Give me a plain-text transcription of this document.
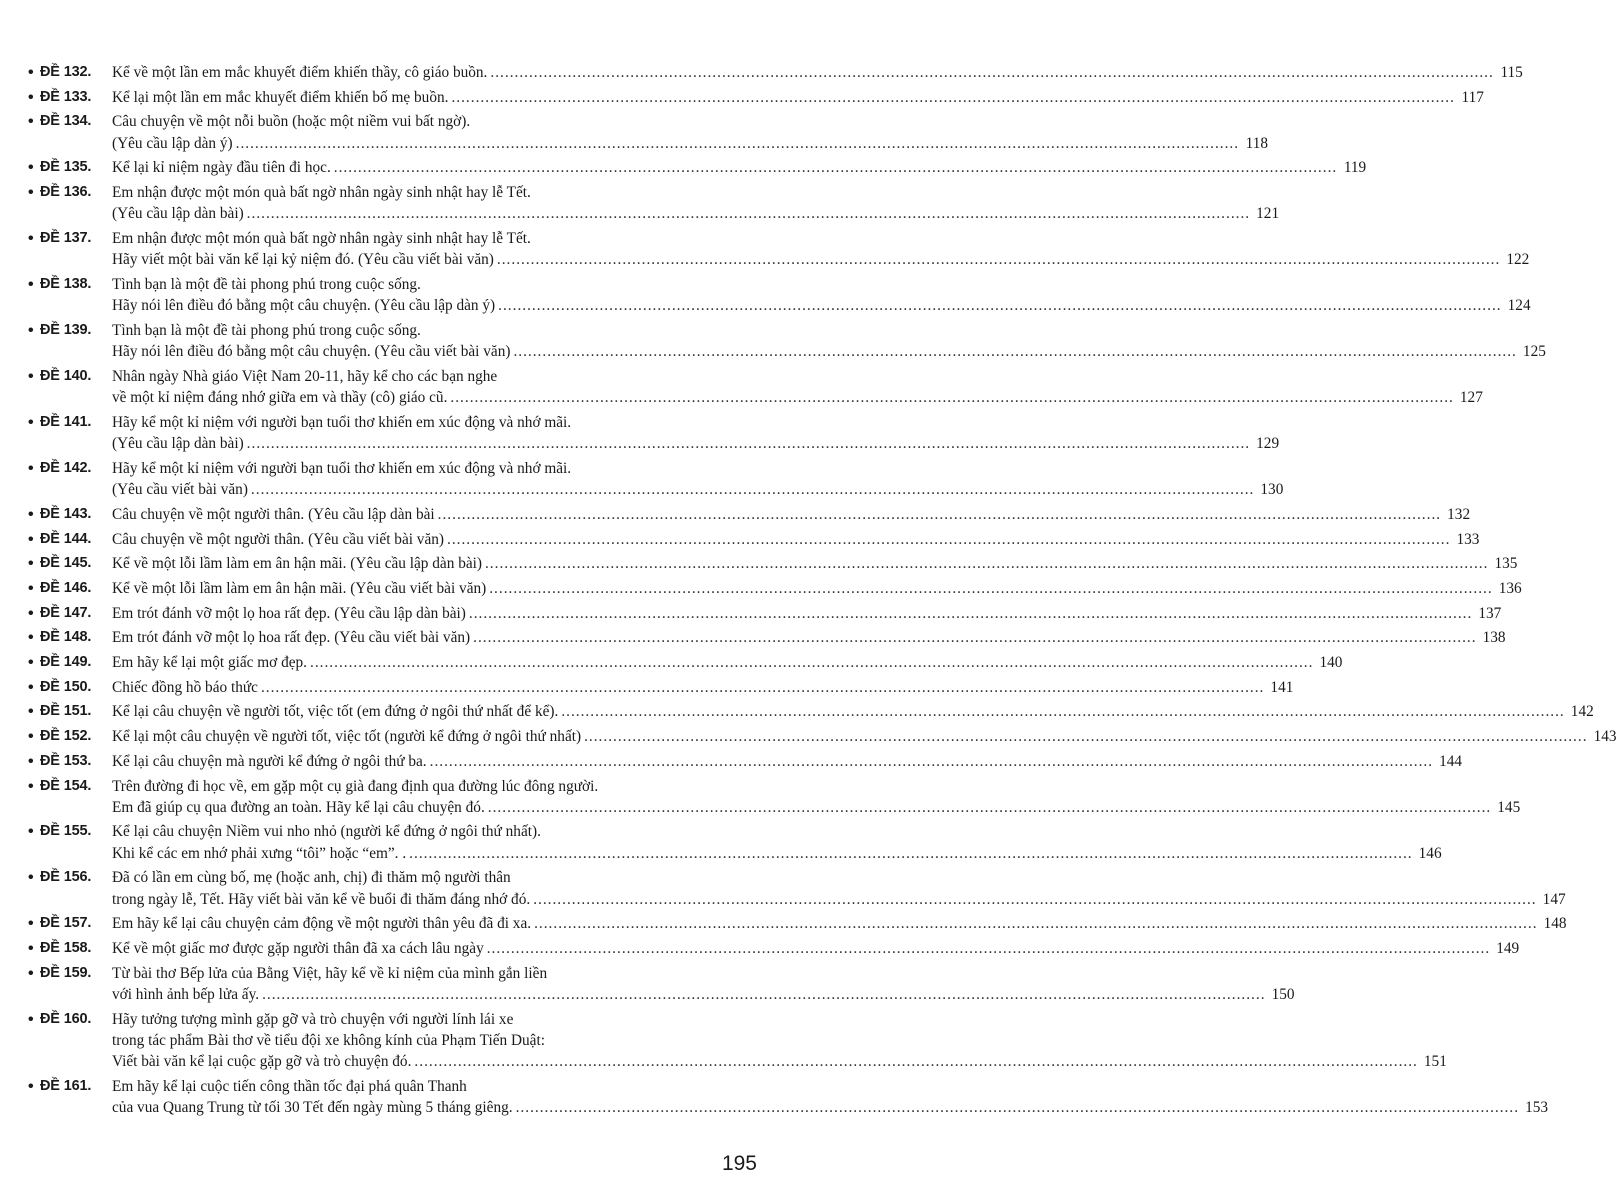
• ĐỀ 132. Kể về một lần em mắc khuyết điểm khiến thầy, cô giáo buồn. .....	115
• ĐỀ 133. Kể lại một lần em mắc khuyết điểm khiến bố mẹ buồn. .....	117
• ĐỀ 134. Câu chuyện về một nỗi buồn (hoặc một niềm vui bất ngờ).
(Yêu cầu lập dàn ý) .....	118
• ĐỀ 135. Kể lại kỉ niệm ngày đầu tiên đi học. .....	119
• ĐỀ 136. Em nhận được một món quà bất ngờ nhân ngày sinh nhật hay lễ Tết.
(Yêu cầu lập dàn bài) .....	121
• ĐỀ 137. Em nhận được một món quà bất ngờ nhân ngày sinh nhật hay lễ Tết.
Hãy viết một bài văn kể lại kỷ niệm đó. (Yêu cầu viết bài văn) .....	122
• ĐỀ 138. Tình bạn là một đề tài phong phú trong cuộc sống.
Hãy nói lên điều đó bằng một câu chuyện. (Yêu cầu lập dàn ý) .....	124
• ĐỀ 139. Tình bạn là một đề tài phong phú trong cuộc sống.
Hãy nói lên điều đó bằng một câu chuyện. (Yêu cầu viết bài văn) .....	125
• ĐỀ 140. Nhân ngày Nhà giáo Việt Nam 20-11, hãy kể cho các bạn nghe
về một kỉ niệm đáng nhớ giữa em và thầy (cô) giáo cũ. .....	127
• ĐỀ 141. Hãy kể một kỉ niệm với người bạn tuổi thơ khiến em xúc động và nhớ mãi.
(Yêu cầu lập dàn bài) .....	129
• ĐỀ 142. Hãy kể một kỉ niệm với người bạn tuổi thơ khiến em xúc động và nhớ mãi.
(Yêu cầu viết bài văn) .....	130
• ĐỀ 143. Câu chuyện về một người thân. (Yêu cầu lập dàn bài .....	132
• ĐỀ 144. Câu chuyện về một người thân. (Yêu cầu viết bài văn) .....	133
• ĐỀ 145. Kể về một lỗi lầm làm em ân hận mãi. (Yêu cầu lập dàn bài) .....	135
• ĐỀ 146. Kể về một lỗi lầm làm em ân hận mãi. (Yêu cầu viết bài văn) .....	136
• ĐỀ 147. Em trót đánh vỡ một lọ hoa rất đẹp. (Yêu cầu lập dàn bài) .....	137
• ĐỀ 148. Em trót đánh vỡ một lọ hoa rất đẹp. (Yêu cầu viết bài văn) .....	138
• ĐỀ 149. Em hãy kể lại một giấc mơ đẹp. .....	140
• ĐỀ 150. Chiếc đồng hồ báo thức .....	141
• ĐỀ 151. Kể lại câu chuyện về người tốt, việc tốt (em đứng ở ngôi thứ nhất để kể). .....	142
• ĐỀ 152. Kể lại một câu chuyện về người tốt, việc tốt (người kể đứng ở ngôi thứ nhất) .....	143
• ĐỀ 153. Kể lại câu chuyện mà người kể đứng ở ngôi thứ ba. .....	144
• ĐỀ 154. Trên đường đi học về, em gặp một cụ già đang định qua đường lúc đông người.
Em đã giúp cụ qua đường an toàn. Hãy kể lại câu chuyện đó. .....	145
• ĐỀ 155. Kể lại câu chuyện Niềm vui nho nhỏ (người kể đứng ở ngôi thứ nhất).
Khi kể các em nhớ phải xưng “tôi” hoặc “em”. . .....	146
• ĐỀ 156. Đã có lần em cùng bố, mẹ (hoặc anh, chị) đi thăm mộ người thân
trong ngày lễ, Tết. Hãy viết bài văn kể về buổi đi thăm đáng nhớ đó. .....	147
• ĐỀ 157. Em hãy kể lại câu chuyện cảm động về một người thân yêu đã đi xa. .....	148
• ĐỀ 158. Kể về một giấc mơ được gặp người thân đã xa cách lâu ngày .....	149
• ĐỀ 159. Từ bài thơ Bếp lửa của Bằng Việt, hãy kể về kỉ niệm của mình gắn liền
với hình ảnh bếp lửa ấy. .....	150
• ĐỀ 160. Hãy tưởng tượng mình gặp gỡ và trò chuyện với người lính lái xe
trong tác phẩm Bài thơ về tiểu đội xe không kính của Phạm Tiến Duật:
Viết bài văn kể lại cuộc gặp gỡ và trò chuyện đó. .....	151
• ĐỀ 161. Em hãy kể lại cuộc tiến công thần tốc đại phá quân Thanh
của vua Quang Trung từ tối 30 Tết đến ngày mùng 5 tháng giêng. .....	153
195
